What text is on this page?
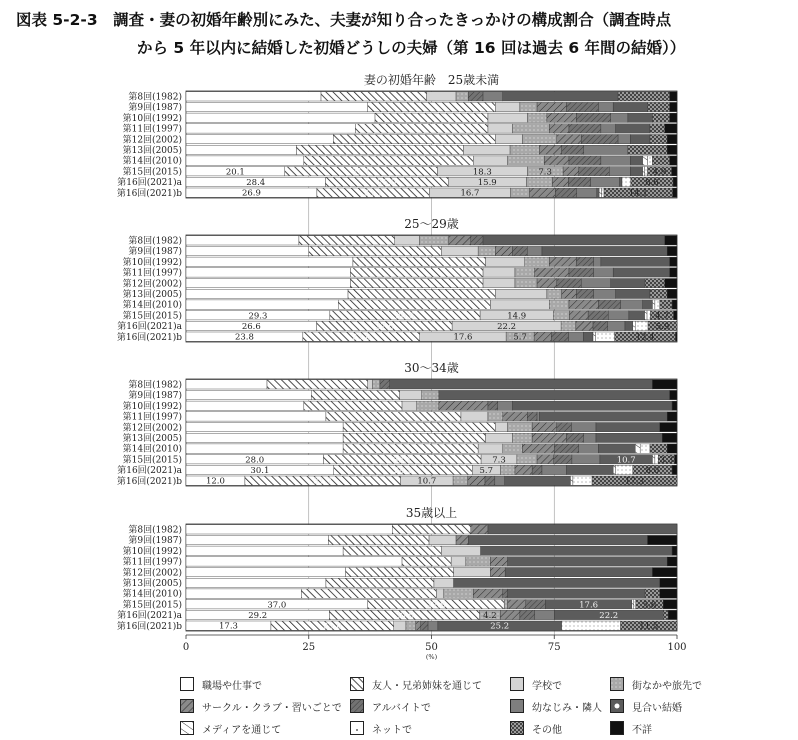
図表 5-2-3　調査・妻の初婚年齢別にみた、夫妻が知り合ったきっかけの構成割合（調査時点
から 5 年以内に結婚した初婚どうしの夫婦（第 16 回は過去 6 年間の結婚））
妻の初婚年齢　25歳未満
第8回(1982)
第9回(1987)
第10回(1992)
第11回(1997)
第12回(2002)
第13回(2005)
第14回(2010)
第15回(2015)	20.1	31.1	18.3	7.3	4.9
第16回(2021)a	28.4	25.0	15.9	8.6
第16回(2021)b	26.9	23.1	16.7	14.1
25～29歳
第8回(1982)
第9回(1987)
第10回(1992)
第11回(1997)
第12回(2002)
第13回(2005)
第14回(2010)
第15回(2015)	29.3	30.6	14.9	4.7
第16回(2021)a	26.6	27.6	22.2	5.9
第16回(2021)b	23.8	23.8	17.6	5.7	12.4
30～34歳
第8回(1982)
第9回(1987)
第10回(1992)
第11回(1997)
第12回(2002)
第13回(2005)
第14回(2010)
第15回(2015)	28.0	32.1	7.3	10.7	3.3
第16回(2021)a	30.1	28.2	5.7	8.0
第16回(2021)b	12.0	31.7	10.7	17.3
35歳以上
第8回(1982)
第9回(1987)
第10回(1992)
第11回(1997)
第12回(2002)
第13回(2005)
第14回(2010)
第15回(2015)	37.0	27.8	17.6	5.6
第16回(2021)a	29.2	30.6	4.2	22.2
第16回(2021)b	17.3	25.0	25.2	11.5
0	25	50	75	100
(%)
職場や仕事で	友人・兄弟姉妹を通じて	学校で	街なかや旅先で
サークル・クラブ・習いごとで	アルバイトで	幼なじみ・隣人	見合い結婚
メディアを通じて	ネットで	その他	不詳
